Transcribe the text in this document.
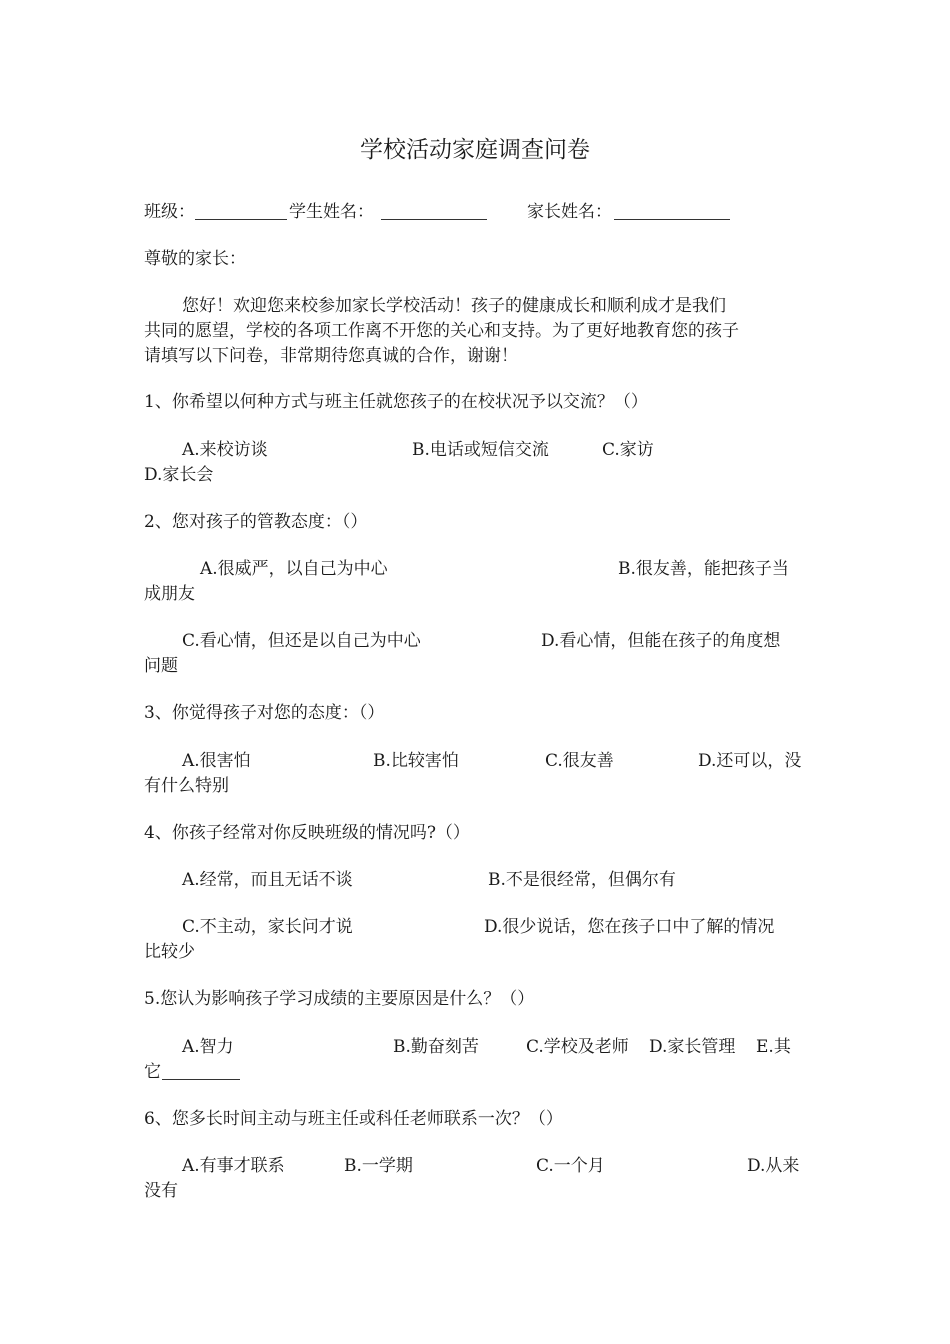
学校活动家庭调查问卷
班级：	学生姓名：	家长姓名：
尊敬的家长：
您好！欢迎您来校参加家长学校活动！孩子的健康成长和顺利成才是我们
共同的愿望，学校的各项工作离不开您的关心和支持。为了更好地教育您的孩子
请填写以下问卷，非常期待您真诚的合作，谢谢！
1、你希望以何种方式与班主任就您孩子的在校状况予以交流？（）
A.来校访谈	B.电话或短信交流	C.家访
D.家长会
2、您对孩子的管教态度：（）
A.很威严，以自己为中心	B.很友善，能把孩子当
成朋友
C.看心情，但还是以自己为中心	D.看心情，但能在孩子的角度想
问题
3、你觉得孩子对您的态度：（）
A.很害怕	B.比较害怕	C.很友善	D.还可以，没
有什么特别
4、你孩子经常对你反映班级的情况吗?（）
A.经常，而且无话不谈	B.不是很经常，但偶尔有
C.不主动，家长问才说	D.很少说话，您在孩子口中了解的情况
比较少
5.您认为影响孩子学习成绩的主要原因是什么？（）
A.智力	B.勤奋刻苦	C.学校及老师 D.家长管理 E.其
它
6、您多长时间主动与班主任或科任老师联系一次？（）
A.有事才联系	B.一学期	C.一个月	D.从来
没有
